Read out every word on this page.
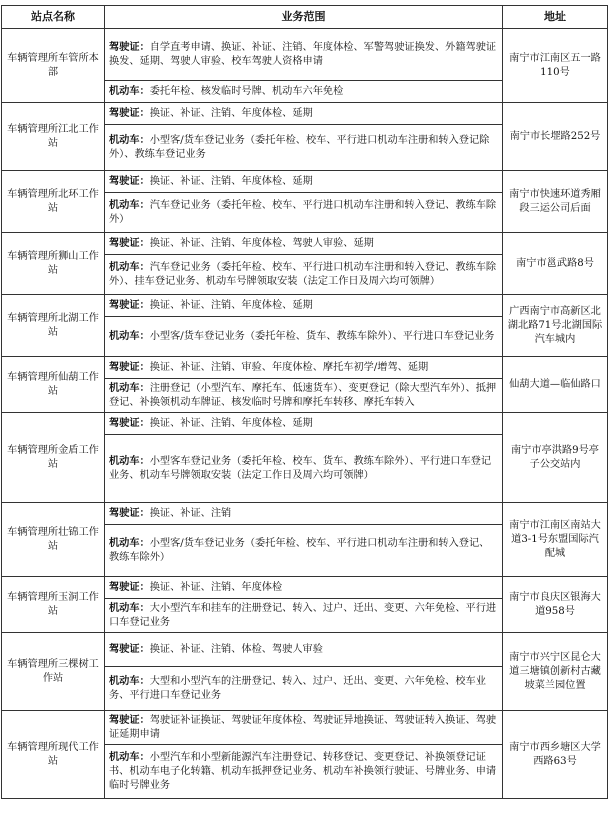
站点名称	业务范围	地址
车辆管理所车管所本部	驾驶证：自学直考申请、换证、补证、注销、年度体检、军警驾驶证换发、外籍驾驶证换发、延期、驾驶人审验、校车驾驶人资格申请	南宁市江南区五一路110号
	机动车：委托年检、核发临时号牌、机动车六年免检	
车辆管理所江北工作站	驾驶证：换证、补证、注销、年度体检、延期	南宁市长堽路252号
	机动车：小型客/货车登记业务（委托年检、校车、平行进口机动车注册和转入登记除外）、教练车登记业务	
车辆管理所北环工作站	驾驶证：换证、补证、注销、年度体检、延期	南宁市快速环道秀厢段三运公司后面
	机动车：汽车登记业务（委托年检、校车、平行进口机动车注册和转入登记、教练车除外）	
车辆管理所狮山工作站	驾驶证：换证、补证、注销、年度体检、驾驶人审验、延期	南宁市邕武路8号
	机动车：汽车登记业务（委托年检、校车、平行进口机动车注册和转入登记、教练车除外）、挂车登记业务、机动车号牌领取安装（法定工作日及周六均可领牌）	
车辆管理所北湖工作站	驾驶证：换证、补证、注销、年度体检、延期	广西南宁市高新区北湖北路71号北湖国际汽车城内
	机动车：小型客/货车登记业务（委托年检、货车、教练车除外）、平行进口车登记业务	
车辆管理所仙葫工作站	驾驶证：换证、补证、注销、审验、年度体检、摩托车初学/增驾、延期	仙葫大道—临仙路口
	机动车：注册登记（小型汽车、摩托车、低速货车）、变更登记（除大型汽车外）、抵押登记、补换领机动车牌证、核发临时号牌和摩托车转移、摩托车转入	
车辆管理所金盾工作站	驾驶证：换证、补证、注销、年度体检、延期	南宁市亭洪路9号亭子公交站内
	机动车：小型客车登记业务（委托年检、校车、货车、教练车除外）、平行进口车登记业务、机动车号牌领取安装（法定工作日及周六均可领牌）	
车辆管理所壮锦工作站	驾驶证：换证、补证、注销	南宁市江南区南站大道3-1号东盟国际汽配城
	机动车：小型客/货车登记业务（委托年检、校车、平行进口机动车注册和转入登记、教练车除外）	
车辆管理所玉洞工作站	驾驶证：换证、补证、注销、年度体检	南宁市良庆区银海大道958号
	机动车：大小型汽车和挂车的注册登记、转入、过户、迁出、变更、六年免检、平行进口车登记业务	
车辆管理所三棵树工作站	驾驶证：换证、补证、注销、体检、驾驶人审验	南宁市兴宁区昆仑大道三塘镇创新村古藏坡菜兰园位置
	机动车：大型和小型汽车的注册登记、转入、过户、迁出、变更、六年免检、校车业务、平行进口车登记业务	
车辆管理所现代工作站	驾驶证：驾驶证补证换证、驾驶证年度体检、驾驶证异地换证、驾驶证转入换证、驾驶证延期申请	南宁市西乡塘区大学西路63号
	机动车：小型汽车和小型新能源汽车注册登记、转移登记、变更登记、补换领登记证书、机动车电子化转籍、机动车抵押登记业务、机动车补换领行驶证、号牌业务、申请临时号牌业务	
